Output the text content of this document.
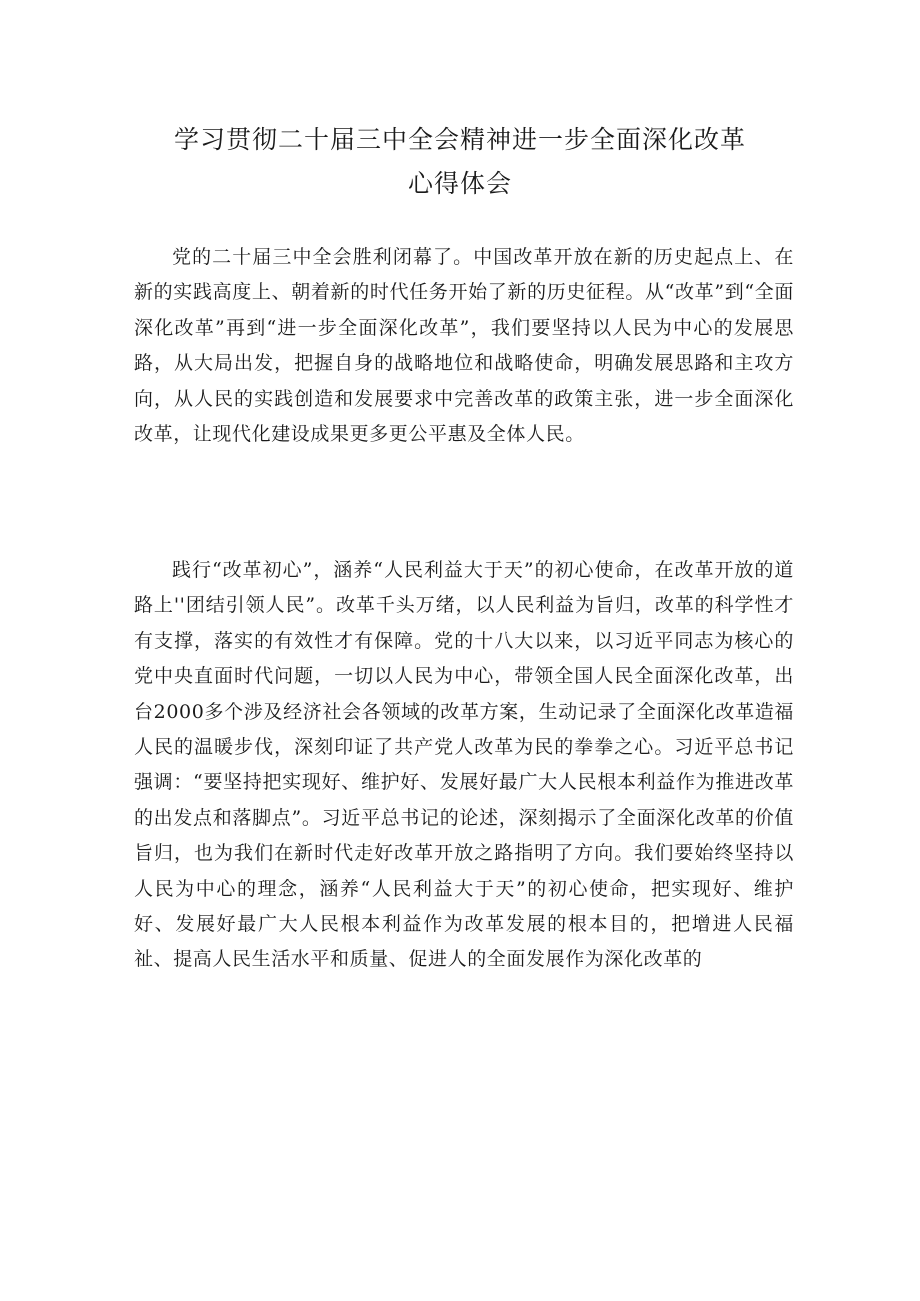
学习贯彻二十届三中全会精神进一步全面深化改革
心得体会

党的二十届三中全会胜利闭幕了。中国改革开放在新的历史起点上、在新的实践高度上、朝着新的时代任务开始了新的历史征程。从“改革”到“全面深化改革”再到“进一步全面深化改革”，我们要坚持以人民为中心的发展思路，从大局出发，把握自身的战略地位和战略使命，明确发展思路和主攻方向，从人民的实践创造和发展要求中完善改革的政策主张，进一步全面深化改革，让现代化建设成果更多更公平惠及全体人民。

践行“改革初心”，涵养“人民利益大于天”的初心使命，在改革开放的道路上''团结引领人民”。改革千头万绪，以人民利益为旨归，改革的科学性才有支撑，落实的有效性才有保障。党的十八大以来，以习近平同志为核心的党中央直面时代问题，一切以人民为中心，带领全国人民全面深化改革，出台2000多个涉及经济社会各领域的改革方案，生动记录了全面深化改革造福人民的温暖步伐，深刻印证了共产党人改革为民的拳拳之心。习近平总书记强调：“要坚持把实现好、维护好、发展好最广大人民根本利益作为推进改革的出发点和落脚点”。习近平总书记的论述，深刻揭示了全面深化改革的价值旨归，也为我们在新时代走好改革开放之路指明了方向。我们要始终坚持以人民为中心的理念，涵养“人民利益大于天”的初心使命，把实现好、维护好、发展好最广大人民根本利益作为改革发展的根本目的，把增进人民福祉、提高人民生活水平和质量、促进人的全面发展作为深化改革的
